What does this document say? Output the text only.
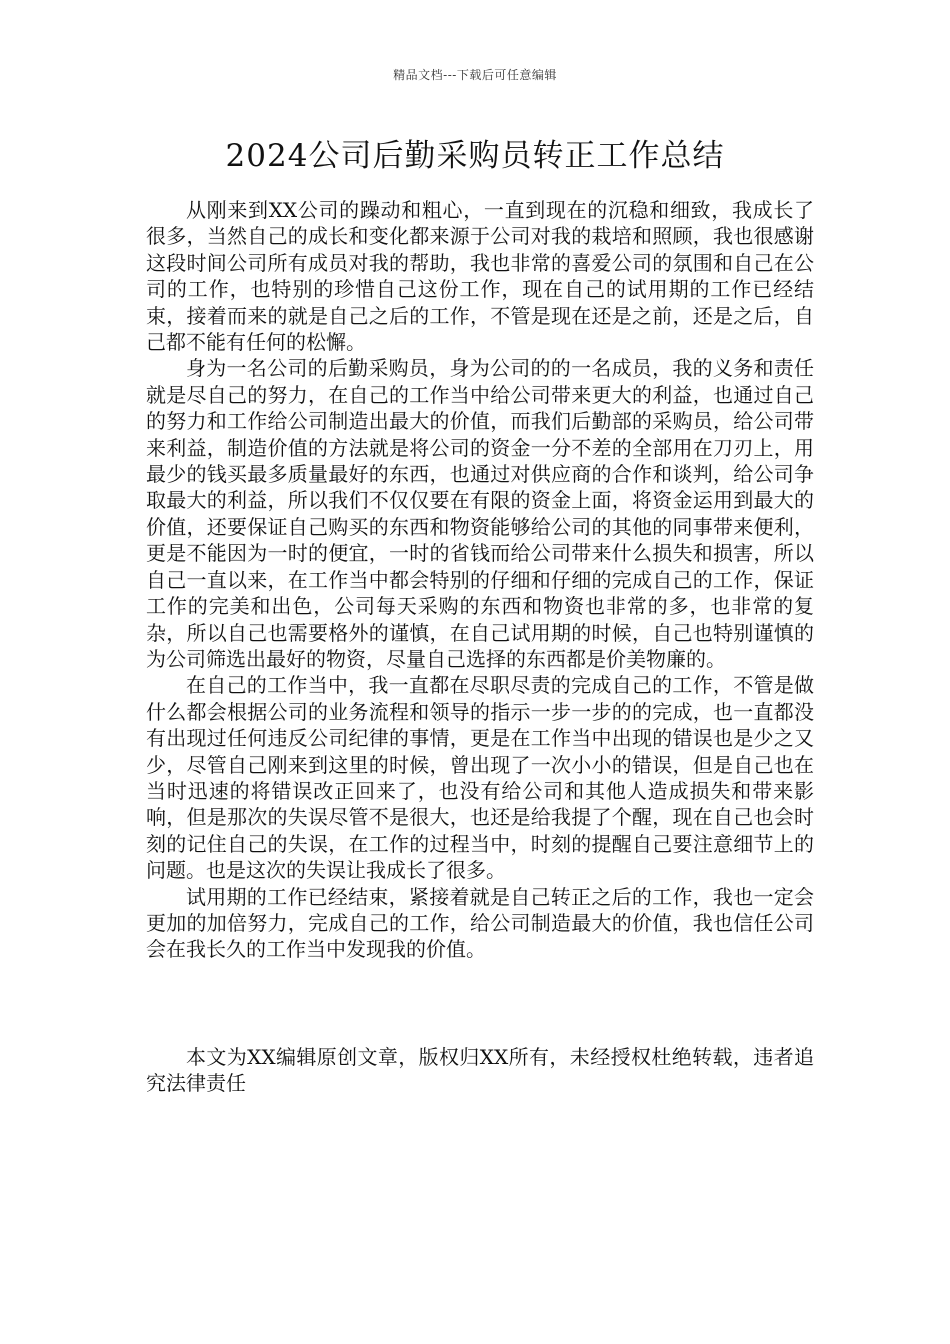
精品文档---下载后可任意编辑
2024公司后勤采购员转正工作总结

从刚来到XX公司的躁动和粗心，一直到现在的沉稳和细致，我成长了很多，当然自己的成长和变化都来源于公司对我的栽培和照顾，我也很感谢这段时间公司所有成员对我的帮助，我也非常的喜爱公司的氛围和自己在公司的工作，也特别的珍惜自己这份工作，现在自己的试用期的工作已经结束，接着而来的就是自己之后的工作，不管是现在还是之前，还是之后，自己都不能有任何的松懈。

身为一名公司的后勤采购员，身为公司的的一名成员，我的义务和责任就是尽自己的努力，在自己的工作当中给公司带来更大的利益，也通过自己的努力和工作给公司制造出最大的价值，而我们后勤部的采购员，给公司带来利益，制造价值的方法就是将公司的资金一分不差的全部用在刀刃上，用最少的钱买最多质量最好的东西，也通过对供应商的合作和谈判，给公司争取最大的利益，所以我们不仅仅要在有限的资金上面，将资金运用到最大的价值，还要保证自己购买的东西和物资能够给公司的其他的同事带来便利，更是不能因为一时的便宜，一时的省钱而给公司带来什么损失和损害，所以自己一直以来，在工作当中都会特别的仔细和仔细的完成自己的工作，保证工作的完美和出色，公司每天采购的东西和物资也非常的多，也非常的复杂，所以自己也需要格外的谨慎，在自己试用期的时候，自己也特别谨慎的为公司筛选出最好的物资，尽量自己选择的东西都是价美物廉的。

在自己的工作当中，我一直都在尽职尽责的完成自己的工作，不管是做什么都会根据公司的业务流程和领导的指示一步一步的的完成，也一直都没有出现过任何违反公司纪律的事情，更是在工作当中出现的错误也是少之又少，尽管自己刚来到这里的时候，曾出现了一次小小的错误，但是自己也在当时迅速的将错误改正回来了，也没有给公司和其他人造成损失和带来影响，但是那次的失误尽管不是很大，也还是给我提了个醒，现在自己也会时刻的记住自己的失误，在工作的过程当中，时刻的提醒自己要注意细节上的问题。也是这次的失误让我成长了很多。

试用期的工作已经结束，紧接着就是自己转正之后的工作，我也一定会更加的加倍努力，完成自己的工作，给公司制造最大的价值，我也信任公司会在我长久的工作当中发现我的价值。

本文为XX编辑原创文章，版权归XX所有，未经授权杜绝转载，违者追究法律责任
